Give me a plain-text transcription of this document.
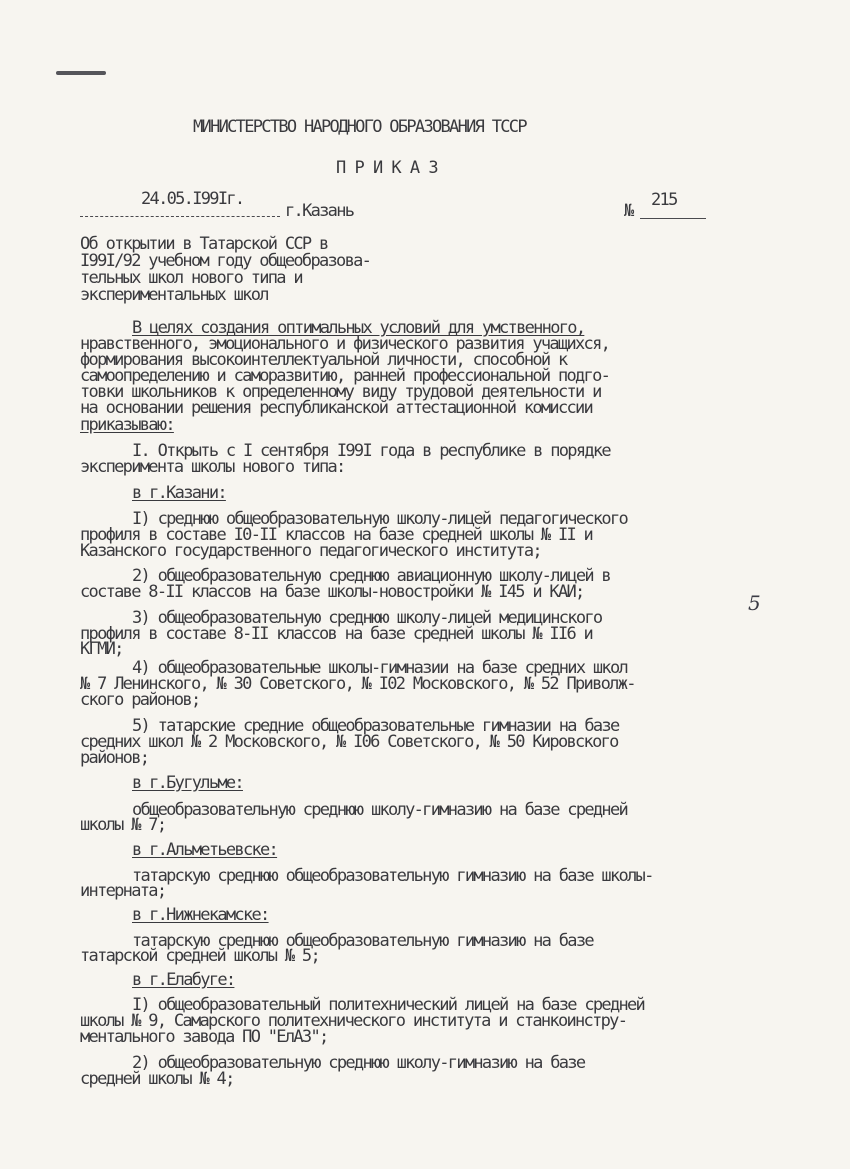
МИНИСТЕРСТВО НАРОДНОГО ОБРАЗОВАНИЯ ТССР
П Р И К А З
24.05.I99Iг.
г.Казань	№
215
Об открытии в Татарской ССР в
I99I/92 учебном году общеобразова-
тельных школ нового типа и
экспериментальных школ
В целях создания оптимальных условий для умственного,
нравственного, эмоционального и физического развития учащихся,
формирования высокоинтеллектуальной личности, способной к
самоопределению и саморазвитию, ранней профессиональной подго-
товки школьников к определенному виду трудовой деятельности и
на основании решения республиканской аттестационной комиссии
приказываю:
I. Открыть с I сентября I99I года в республике в порядке
эксперимента школы нового типа:
в г.Казани:
I) среднюю общеобразовательную школу-лицей педагогического
профиля в составе I0-II классов на базе средней школы № II и
Казанского государственного педагогического института;
2) общеобразовательную среднюю авиационную школу-лицей в
составе 8-II классов на базе школы-новостройки № I45 и КАИ;
3) общеобразовательную среднюю школу-лицей медицинского
профиля в составе 8-II классов на базе средней школы № II6 и
КГМИ;
4) общеобразовательные школы-гимназии на базе средних школ
№ 7 Ленинского, № 30 Советского, № I02 Московского, № 52 Приволж-
ского районов;
5) татарские средние общеобразовательные гимназии на базе
средних школ № 2 Московского, № I06 Советского, № 50 Кировского
районов;
в г.Бугульме:
общеобразовательную среднюю школу-гимназию на базе средней
школы № 7;
в г.Альметьевске:
татарскую среднюю общеобразовательную гимназию на базе школы-
интерната;
в г.Нижнекамске:
татарскую среднюю общеобразовательную гимназию на базе
татарской средней школы № 5;
в г.Елабуге:
I) общеобразовательный политехнический лицей на базе средней
школы № 9, Самарского политехнического института и станкоинстру-
ментального завода ПО "ЕлАЗ";
2) общеобразовательную среднюю школу-гимназию на базе
средней школы № 4;
5
